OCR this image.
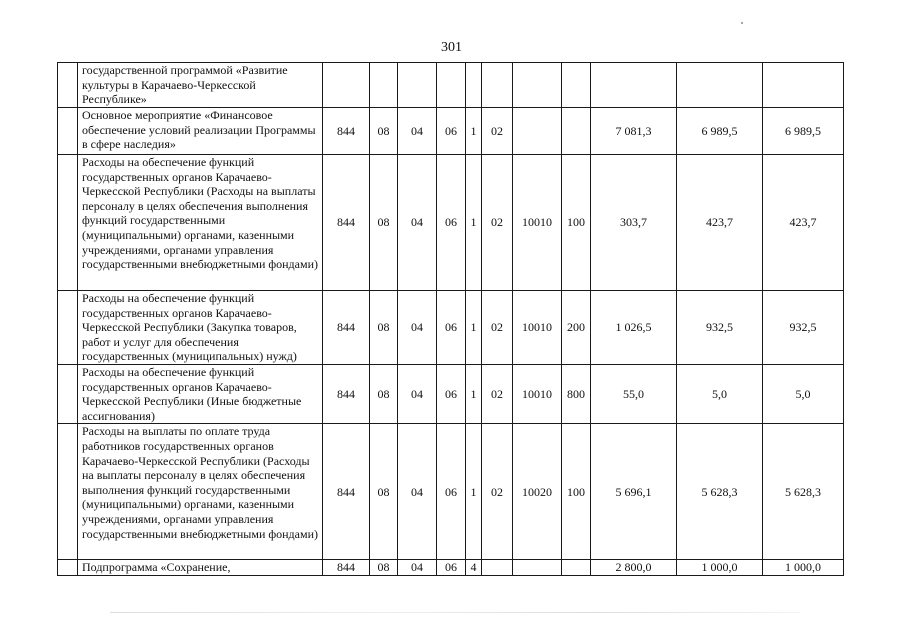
301
	государственной программой «Развитие культуры в Карачаево-Черкесской Республике»											
	Основное мероприятие «Финансовое обеспечение условий реализации Программы в сфере наследия»	844	08	04	06	1	02			7 081,3	6 989,5	6 989,5
	Расходы на обеспечение функций государственных органов Карачаево-Черкесской Республики (Расходы на выплаты персоналу в целях обеспечения выполнения функций государственными (муниципальными) органами, казенными учреждениями, органами управления государственными внебюджетными фондами)	844	08	04	06	1	02	10010	100	303,7	423,7	423,7
	Расходы на обеспечение функций государственных органов Карачаево-Черкесской Республики (Закупка товаров, работ и услуг для обеспечения государственных (муниципальных) нужд)	844	08	04	06	1	02	10010	200	1 026,5	932,5	932,5
	Расходы на обеспечение функций государственных органов Карачаево-Черкесской Республики (Иные бюджетные ассигнования)	844	08	04	06	1	02	10010	800	55,0	5,0	5,0
	Расходы на выплаты по оплате труда работников государственных органов Карачаево-Черкесской Республики (Расходы на выплаты персоналу в целях обеспечения выполнения функций государственными (муниципальными) органами, казенными учреждениями, органами управления государственными внебюджетными фондами)	844	08	04	06	1	02	10020	100	5 696,1	5 628,3	5 628,3
	Подпрограмма «Сохранение,	844	08	04	06	4				2 800,0	1 000,0	1 000,0
